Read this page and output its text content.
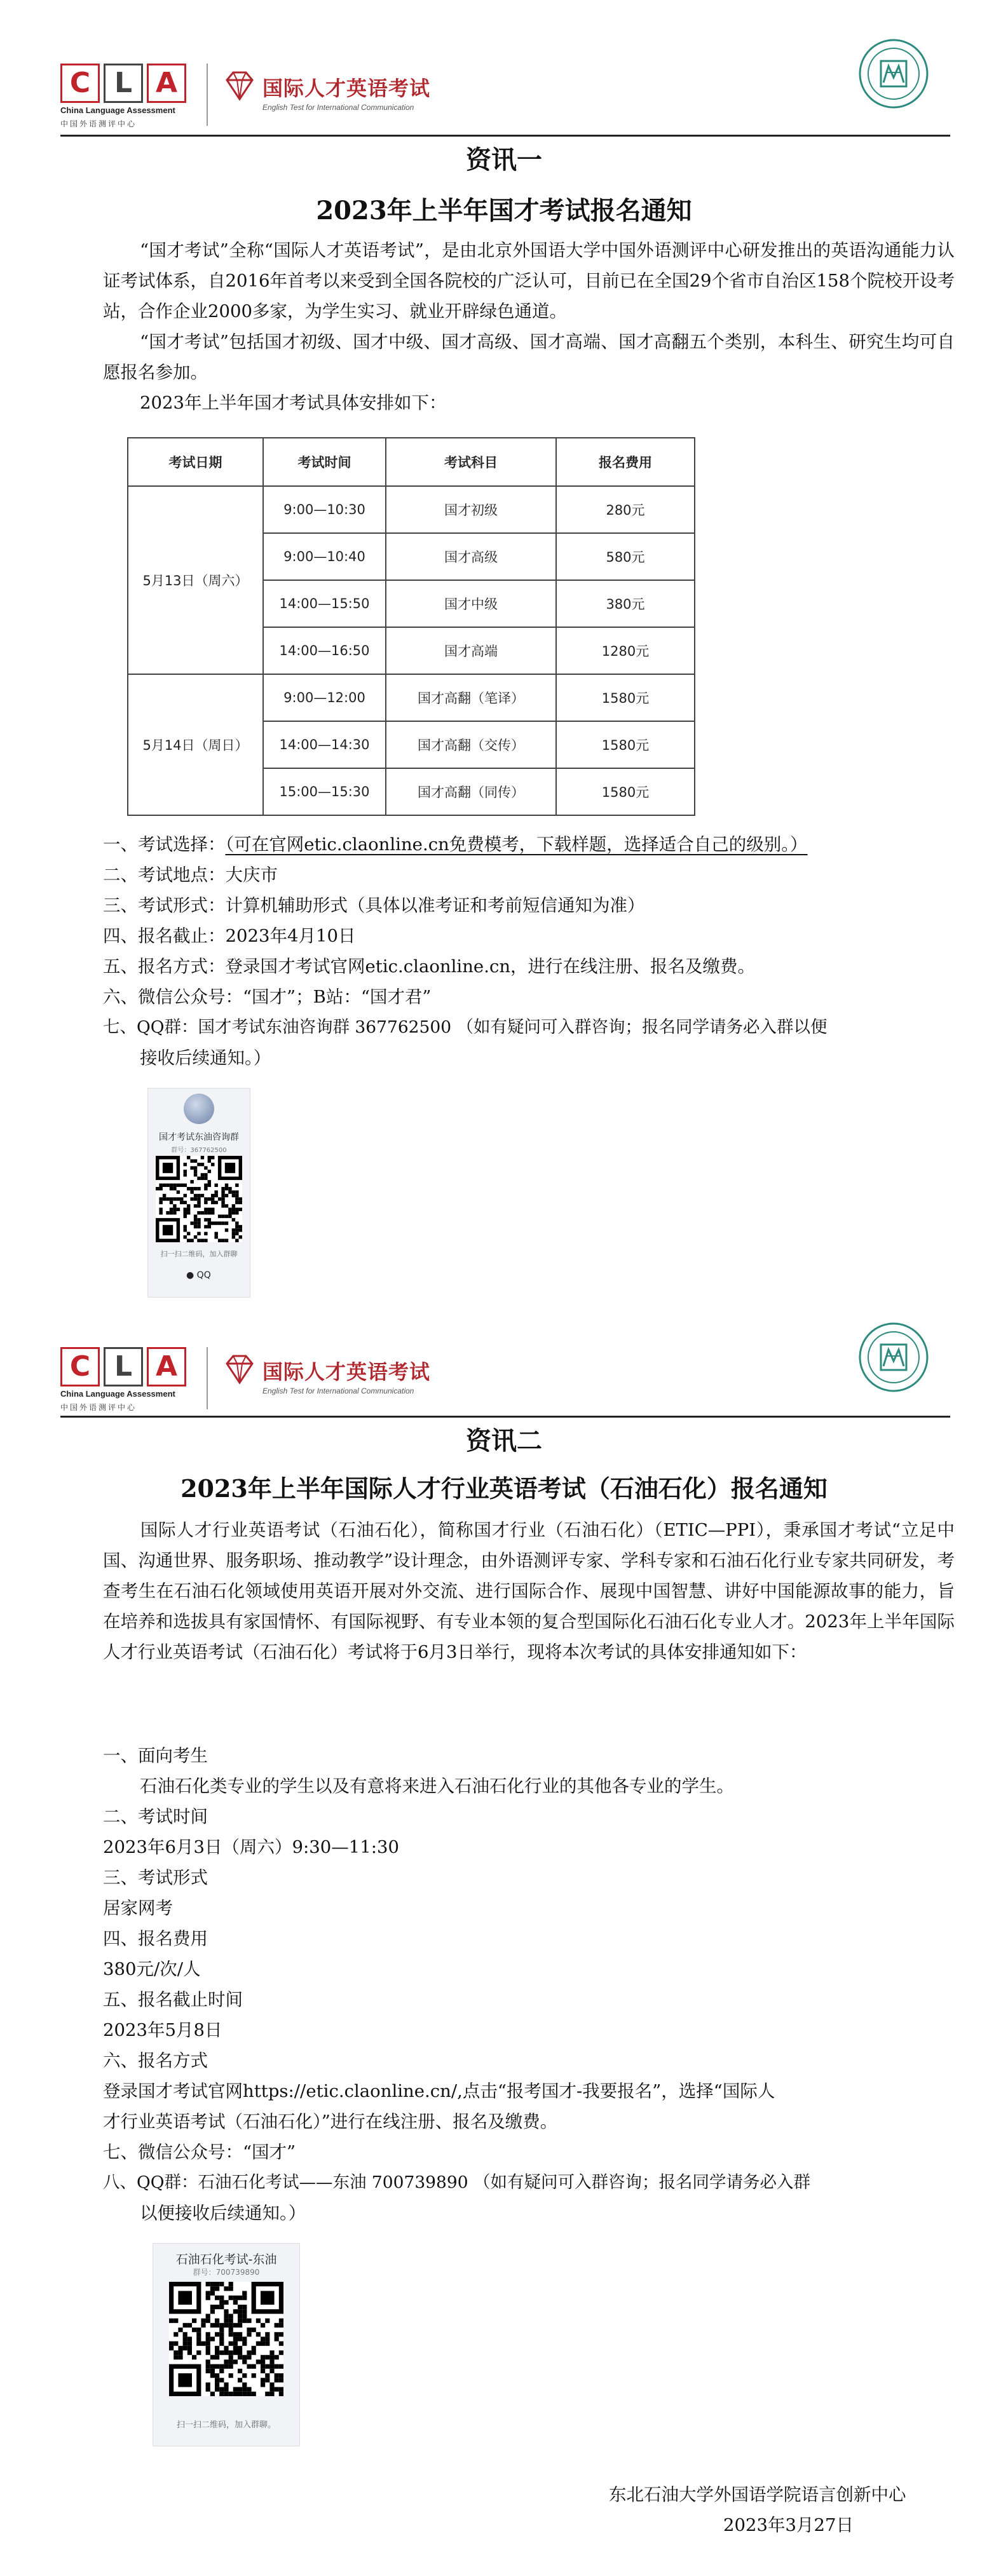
C L A
China Language Assessment
中国外语测评中心
国际人才英语考试
English Test for International Communication
资讯一
2023年上半年国才考试报名通知
“国才考试”全称“国际人才英语考试”，是由北京外国语大学中国外语测评中心研发推出的英语沟通能力认证考试体系，自2016年首考以来受到全国各院校的广泛认可，目前已在全国29个省市自治区158个院校开设考站，合作企业2000多家，为学生实习、就业开辟绿色通道。
“国才考试”包括国才初级、国才中级、国才高级、国才高端、国才高翻五个类别，本科生、研究生均可自愿报名参加。
2023年上半年国才考试具体安排如下：
考试日期	考试时间	考试科目	报名费用
5月13日（周六）	9:00—10:30	国才初级	280元
	9:00—10:40	国才高级	580元
	14:00—15:50	国才中级	380元
	14:00—16:50	国才高端	1280元
5月14日（周日）	9:00—12:00	国才高翻（笔译）	1580元
	14:00—14:30	国才高翻（交传）	1580元
	15:00—15:30	国才高翻（同传）	1580元
一、考试选择：（可在官网etic.claonline.cn免费模考，下载样题，选择适合自己的级别。）
二、考试地点：大庆市
三、考试形式：计算机辅助形式（具体以准考证和考前短信通知为准）
四、报名截止：2023年4月10日
五、报名方式：登录国才考试官网etic.claonline.cn，进行在线注册、报名及缴费。
六、微信公众号：“国才”；B站：“国才君”
七、QQ群：国才考试东油咨询群 367762500 （如有疑问可入群咨询；报名同学请务必入群以便
接收后续通知。）
国才考试东油咨询群
群号：367762500
扫一扫二维码，加入群聊
● QQ
C L A
China Language Assessment
中国外语测评中心
国际人才英语考试
English Test for International Communication
资讯二
2023年上半年国际人才行业英语考试（石油石化）报名通知
国际人才行业英语考试（石油石化），简称国才行业（石油石化）（ETIC—PPI），秉承国才考试“立足中国、沟通世界、服务职场、推动教学”设计理念，由外语测评专家、学科专家和石油石化行业专家共同研发，考查考生在石油石化领域使用英语开展对外交流、进行国际合作、展现中国智慧、讲好中国能源故事的能力，旨在培养和选拔具有家国情怀、有国际视野、有专业本领的复合型国际化石油石化专业人才。2023年上半年国际人才行业英语考试（石油石化）考试将于6月3日举行，现将本次考试的具体安排通知如下：
一、面向考生
石油石化类专业的学生以及有意将来进入石油石化行业的其他各专业的学生。
二、考试时间
2023年6月3日（周六）9:30—11:30
三、考试形式
居家网考
四、报名费用
380元/次/人
五、报名截止时间
2023年5月8日
六、报名方式
登录国才考试官网https://etic.claonline.cn/,点击“报考国才-我要报名”，选择“国际人
才行业英语考试（石油石化）”进行在线注册、报名及缴费。
七、微信公众号：“国才”
八、QQ群：石油石化考试——东油 700739890 （如有疑问可入群咨询；报名同学请务必入群
以便接收后续通知。）
石油石化考试-东油
群号：700739890
扫一扫二维码，加入群聊。
东北石油大学外国语学院语言创新中心
2023年3月27日
